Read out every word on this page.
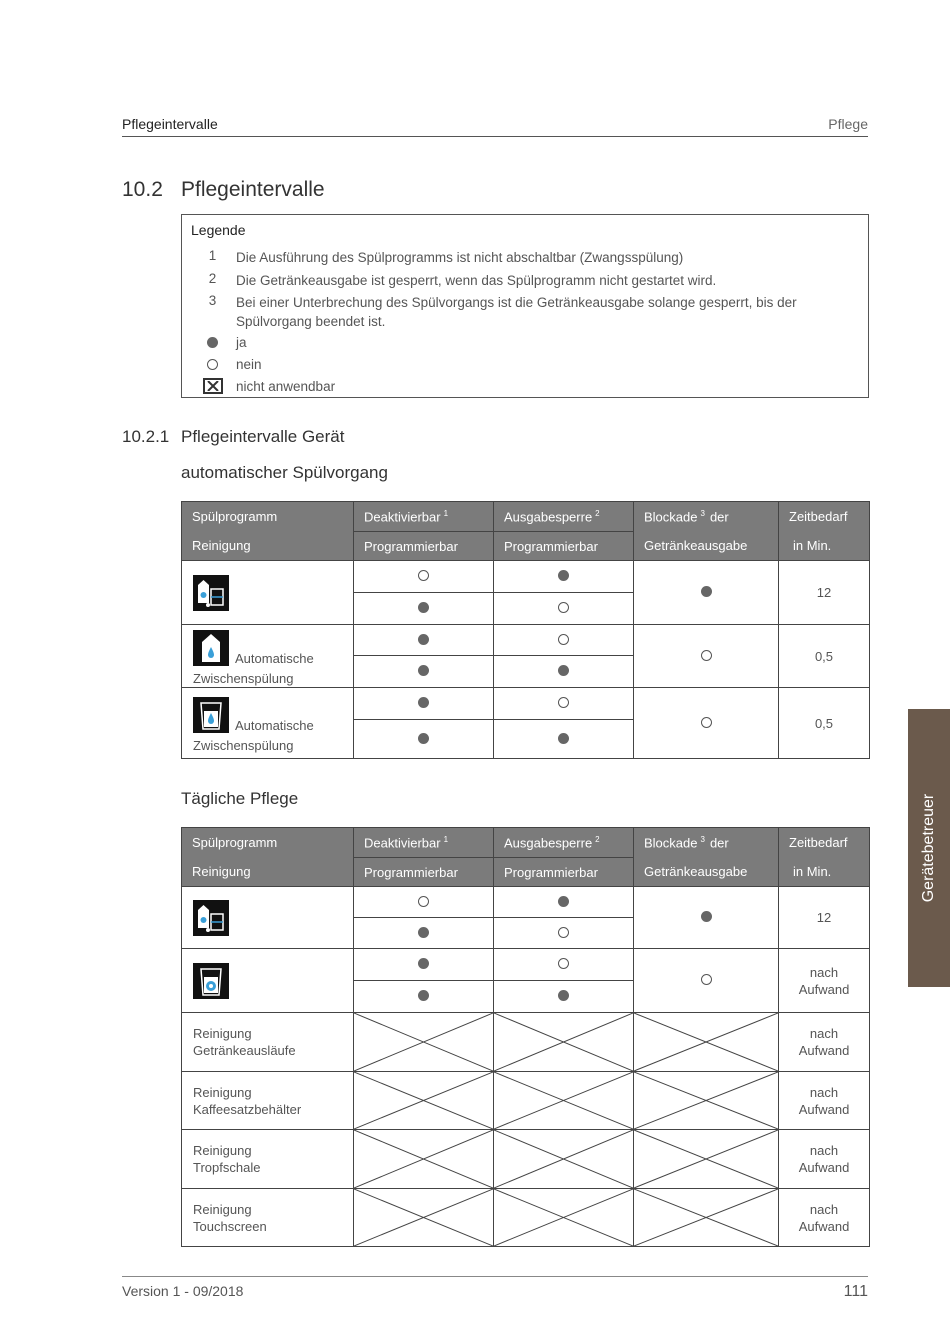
Pflegeintervalle	Pflege
10.2 Pflegeintervalle
Legende
1	Die Ausführung des Spülprogramms ist nicht abschaltbar (Zwangsspülung)
2	Die Getränkeausgabe ist gesperrt, wenn das Spülprogramm nicht gestartet wird.
3	Bei einer Unterbrechung des Spülvorgangs ist die Getränkeausgabe solange gesperrt, bis der Spülvorgang beendet ist.
ja
nein
nicht anwendbar
10.2.1 Pflegeintervalle Gerät
automatischer Spülvorgang
Spülprogramm	Deaktivierbar $^1$	Ausgabesperre $^2$	Blockade $^3$ der	Zeitbedarf
Reinigung	Programmierbar	Programmierbar	Getränkeausgabe	in Min.
				12

Automatische
Zwischenspülung				0,5

Automatische
Zwischenspülung				0,5

Tägliche Pflege
Spülprogramm	Deaktivierbar $^1$	Ausgabesperre $^2$	Blockade $^3$ der	Zeitbedarf
Reinigung	Programmierbar	Programmierbar	Getränkeausgabe	in Min.
				12

				nach
Aufwand

Reinigung
Getränkeausläufe				nach
Aufwand
Reinigung
Kaffeesatzbehälter				nach
Aufwand
Reinigung
Tropfschale				nach
Aufwand
Reinigung
Touchscreen				nach
Aufwand
Gerätebetreuer
Version 1 - 09/2018	111
